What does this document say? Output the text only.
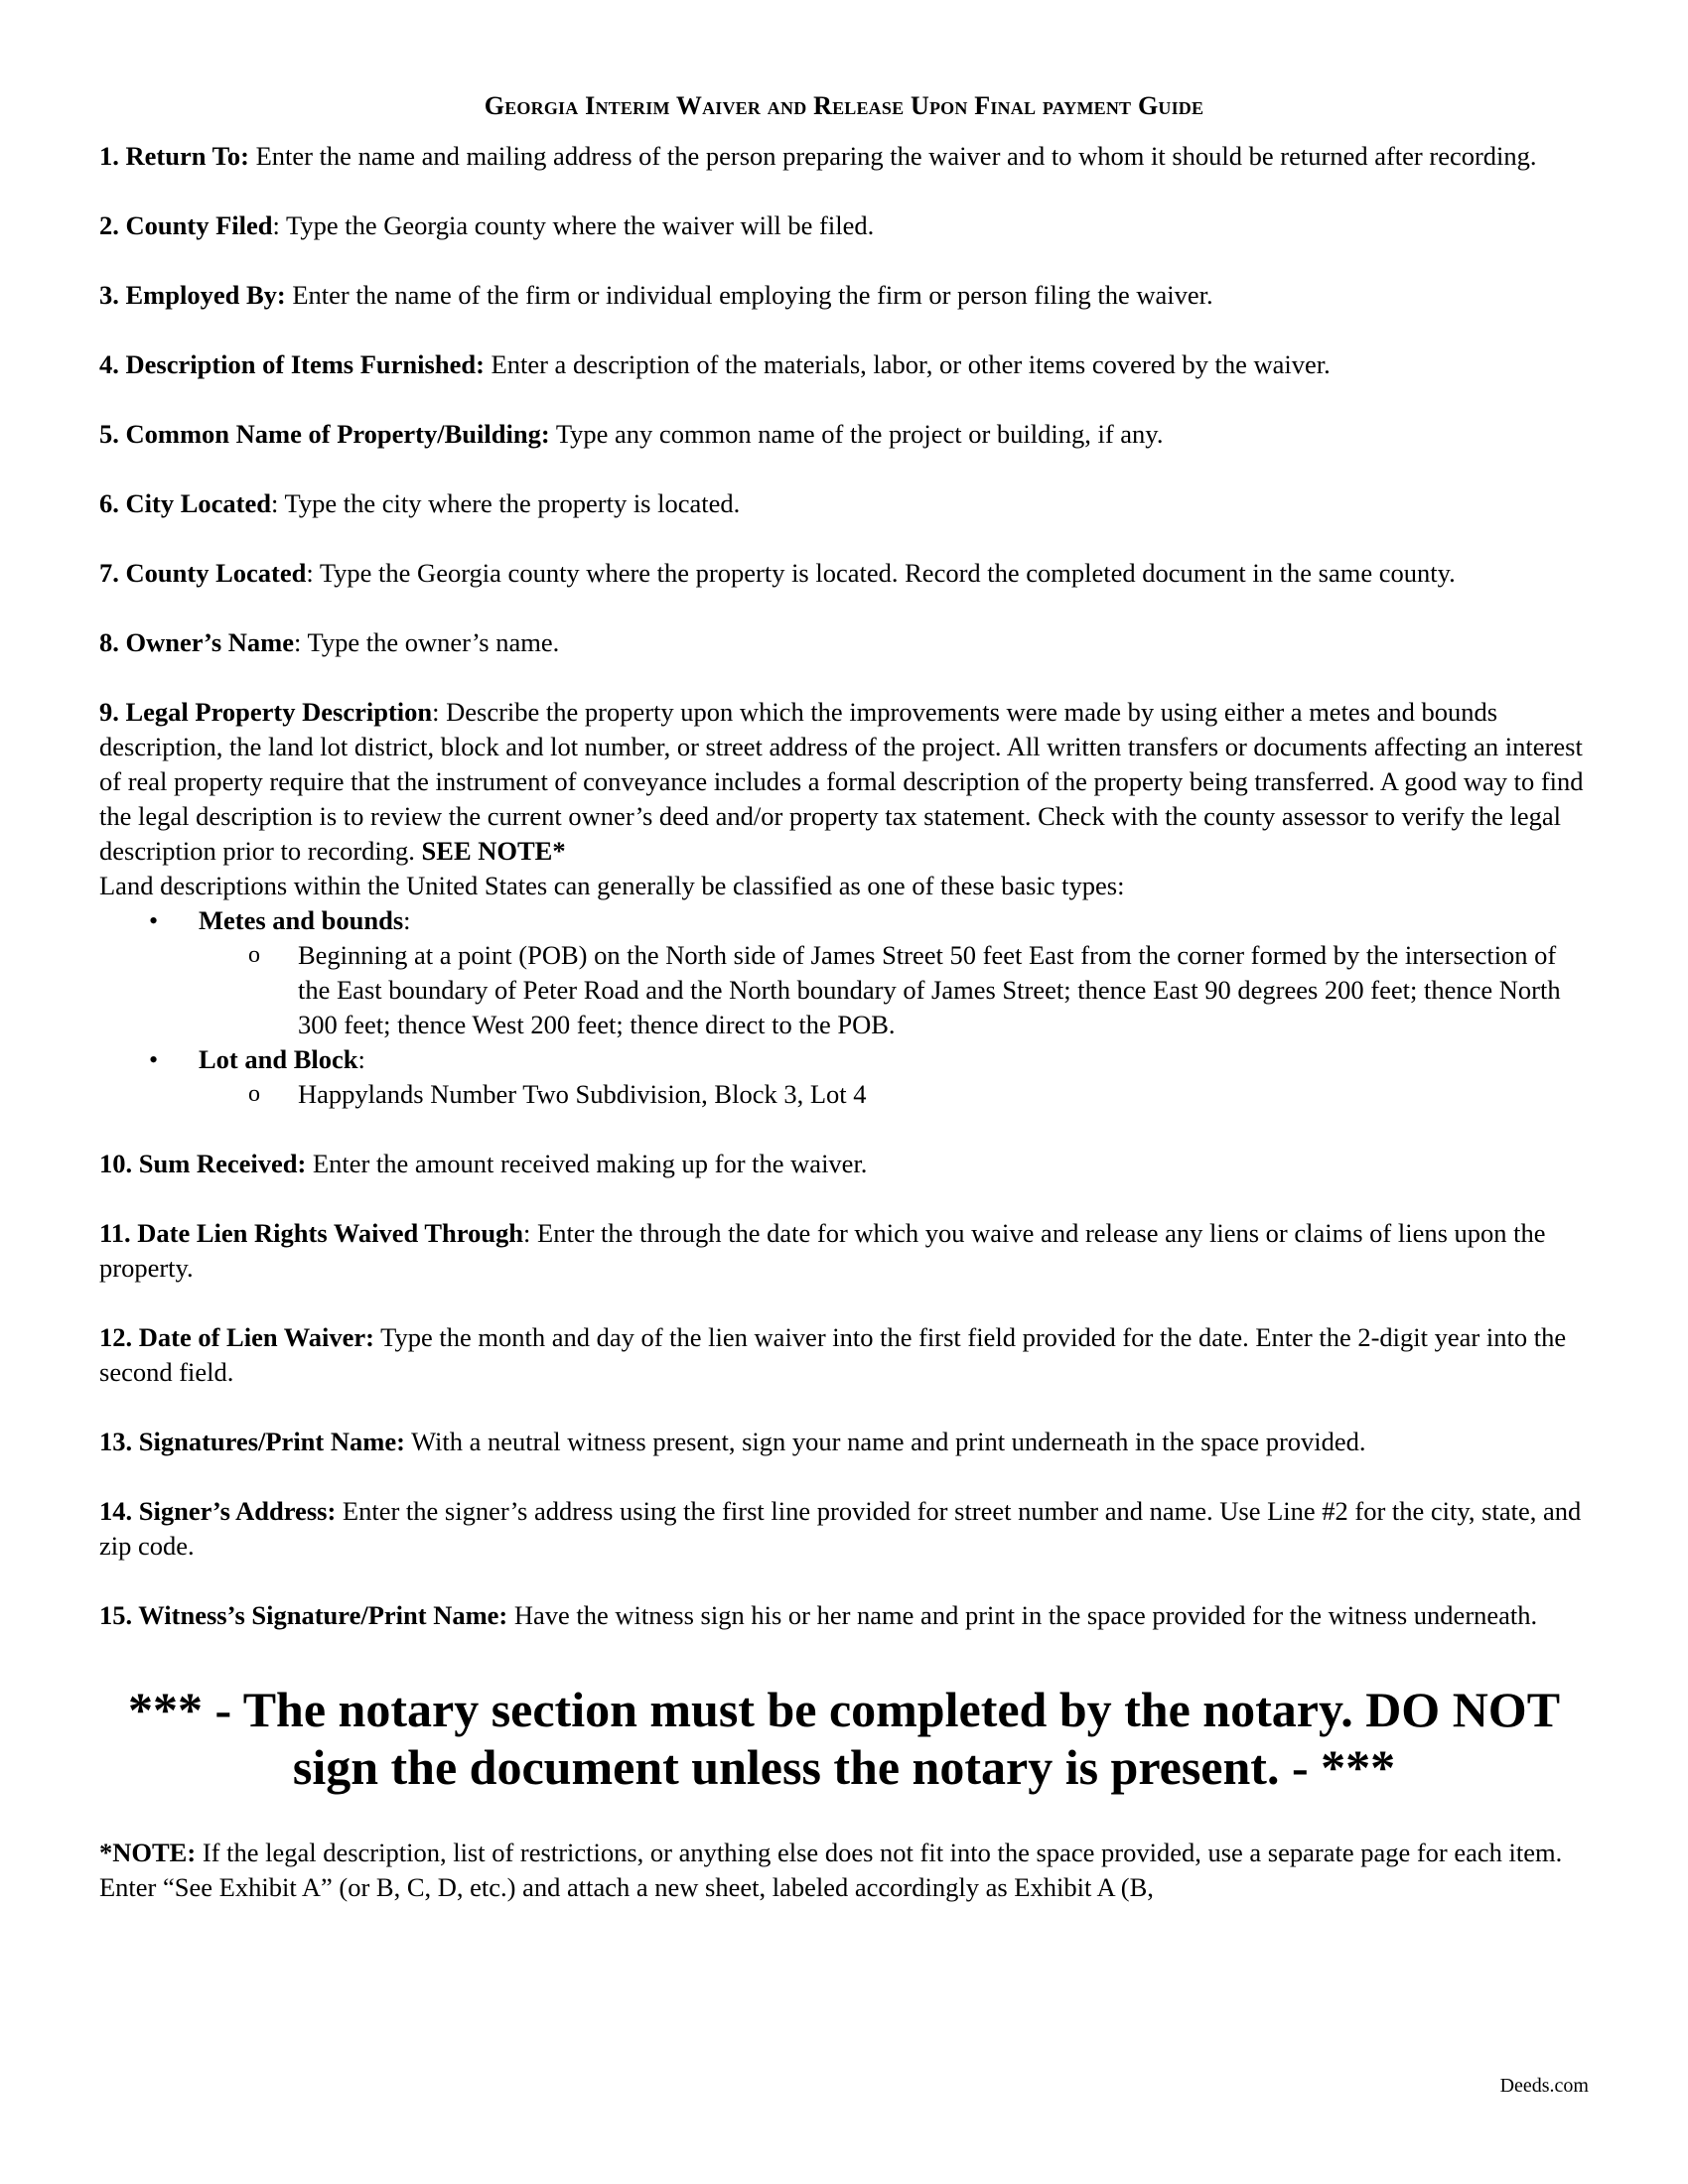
Georgia Interim Waiver and Release Upon Final payment Guide
1. Return To: Enter the name and mailing address of the person preparing the waiver and to whom it should be returned after recording.
2. County Filed: Type the Georgia county where the waiver will be filed.
3. Employed By: Enter the name of the firm or individual employing the firm or person filing the waiver.
4. Description of Items Furnished: Enter a description of the materials, labor, or other items covered by the waiver.
5. Common Name of Property/Building: Type any common name of the project or building, if any.
6. City Located: Type the city where the property is located.
7. County Located: Type the Georgia county where the property is located. Record the completed document in the same county.
8. Owner’s Name: Type the owner’s name.
9. Legal Property Description: Describe the property upon which the improvements were made by using either a metes and bounds description, the land lot district, block and lot number, or street address of the project. All written transfers or documents affecting an interest of real property require that the instrument of conveyance includes a formal description of the property being transferred. A good way to find the legal description is to review the current owner’s deed and/or property tax statement. Check with the county assessor to verify the legal description prior to recording. SEE NOTE*
Land descriptions within the United States can generally be classified as one of these basic types:
• Metes and bounds:
o Beginning at a point (POB) on the North side of James Street 50 feet East from the corner formed by the intersection of the East boundary of Peter Road and the North boundary of James Street; thence East 90 degrees 200 feet; thence North 300 feet; thence West 200 feet; thence direct to the POB.
• Lot and Block:
o Happylands Number Two Subdivision, Block 3, Lot 4
10. Sum Received: Enter the amount received making up for the waiver.
11. Date Lien Rights Waived Through: Enter the through the date for which you waive and release any liens or claims of liens upon the property.
12. Date of Lien Waiver: Type the month and day of the lien waiver into the first field provided for the date. Enter the 2-digit year into the second field.
13. Signatures/Print Name: With a neutral witness present, sign your name and print underneath in the space provided.
14. Signer’s Address: Enter the signer’s address using the first line provided for street number and name. Use Line #2 for the city, state, and zip code.
15. Witness’s Signature/Print Name: Have the witness sign his or her name and print in the space provided for the witness underneath.
*** - The notary section must be completed by the notary. DO NOT sign the document unless the notary is present. - ***
*NOTE: If the legal description, list of restrictions, or anything else does not fit into the space provided, use a separate page for each item. Enter “See Exhibit A” (or B, C, D, etc.) and attach a new sheet, labeled accordingly as Exhibit A (B,
Deeds.com
